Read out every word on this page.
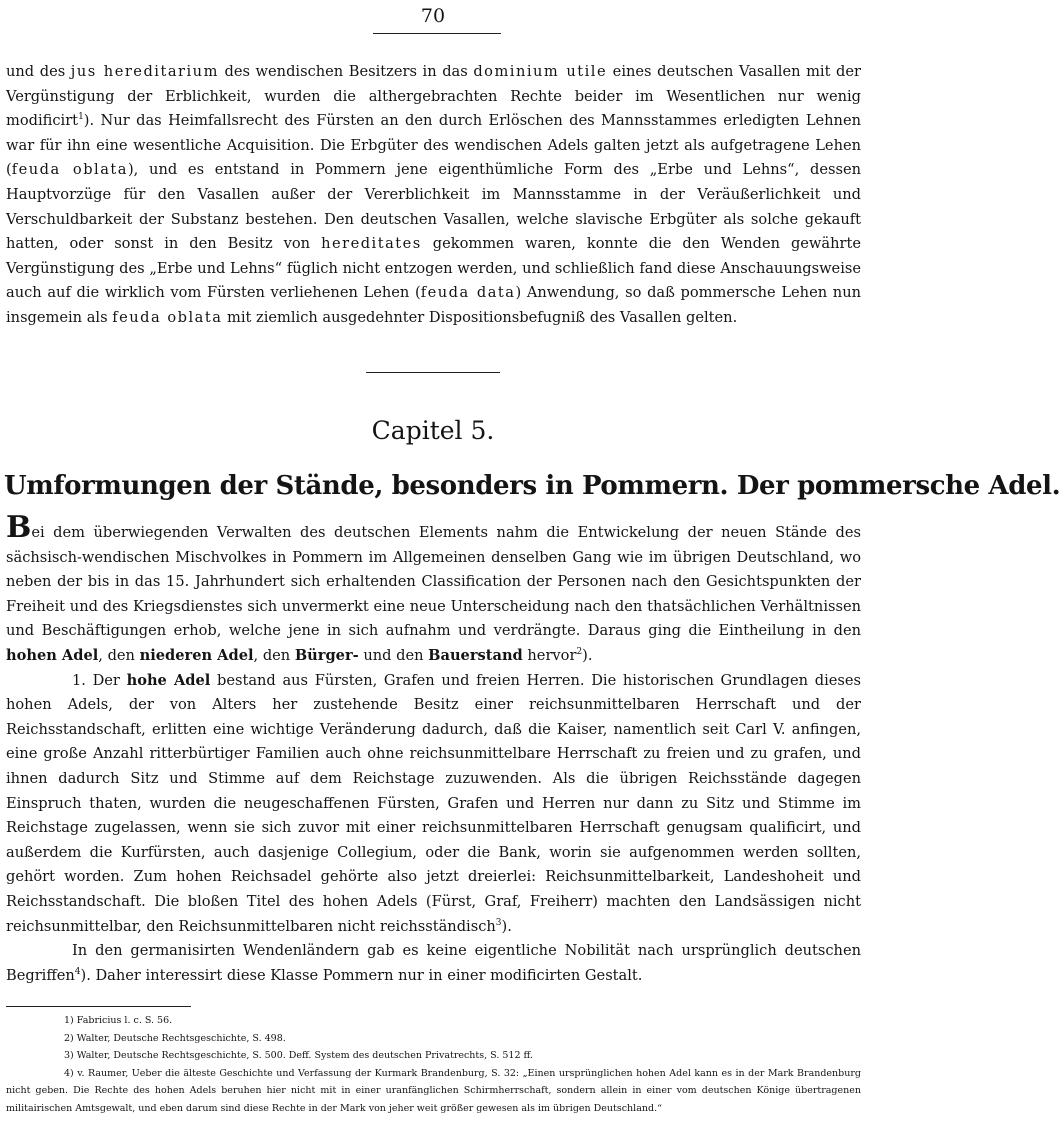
70
und des jus hereditarium des wendischen Besitzers in das dominium utile eines deutschen Vasallen mit der Vergünstigung der Erblichkeit, wurden die althergebrachten Rechte beider im Wesentlichen nur wenig modificirt$^1$). Nur das Heimfallsrecht des Fürsten an den durch Erlöschen des Mannsstammes erledigten Lehnen war für ihn eine wesentliche Acquisition. Die Erbgüter des wendischen Adels galten jetzt als aufgetragene Lehen (feuda oblata), und es entstand in Pommern jene eigenthümliche Form des „Erbe und Lehns“, dessen Hauptvorzüge für den Vasallen außer der Vererblichkeit im Mannsstamme in der Veräußerlichkeit und Verschuldbarkeit der Substanz bestehen. Den deutschen Vasallen, welche slavische Erbgüter als solche gekauft hatten, oder sonst in den Besitz von hereditates gekommen waren, konnte die den Wenden gewährte Vergünstigung des „Erbe und Lehns“ füglich nicht entzogen werden, und schließlich fand diese Anschauungsweise auch auf die wirklich vom Fürsten verliehenen Lehen (feuda data) Anwendung, so daß pommersche Lehen nun insgemein als feuda oblata mit ziemlich ausgedehnter Dispositionsbefugniß des Vasallen gelten.
Capitel 5.
Umformungen der Stände, besonders in Pommern. Der pommersche Adel.

Bei dem überwiegenden Verwalten des deutschen Elements nahm die Entwickelung der neuen Stände des sächsisch-wendischen Mischvolkes in Pommern im Allgemeinen denselben Gang wie im übrigen Deutschland, wo neben der bis in das 15. Jahrhundert sich erhaltenden Classification der Personen nach den Gesichtspunkten der Freiheit und des Kriegsdienstes sich unvermerkt eine neue Unterscheidung nach den thatsächlichen Verhältnissen und Beschäftigungen erhob, welche jene in sich aufnahm und verdrängte. Daraus ging die Eintheilung in den hohen Adel, den niederen Adel, den Bürger- und den Bauerstand hervor$^2$).

1. Der hohe Adel bestand aus Fürsten, Grafen und freien Herren. Die historischen Grundlagen dieses hohen Adels, der von Alters her zustehende Besitz einer reichsunmittelbaren Herrschaft und der Reichsstandschaft, erlitten eine wichtige Veränderung dadurch, daß die Kaiser, namentlich seit Carl V. anfingen, eine große Anzahl ritterbürtiger Familien auch ohne reichsunmittelbare Herrschaft zu freien und zu grafen, und ihnen dadurch Sitz und Stimme auf dem Reichstage zuzuwenden. Als die übrigen Reichsstände dagegen Einspruch thaten, wurden die neugeschaffenen Fürsten, Grafen und Herren nur dann zu Sitz und Stimme im Reichstage zugelassen, wenn sie sich zuvor mit einer reichsunmittelbaren Herrschaft genugsam qualificirt, und außerdem die Kurfürsten, auch dasjenige Collegium, oder die Bank, worin sie aufgenommen werden sollten, gehört worden. Zum hohen Reichsadel gehörte also jetzt dreierlei: Reichsunmittelbarkeit, Landeshoheit und Reichsstandschaft. Die bloßen Titel des hohen Adels (Fürst, Graf, Freiherr) machten den Landsässigen nicht reichsunmittelbar, den Reichsunmittelbaren nicht reichsständisch$^3$).

In den germanisirten Wendenländern gab es keine eigentliche Nobilität nach ursprünglich deutschen Begriffen$^4$). Daher interessirt diese Klasse Pommern nur in einer modificirten Gestalt.

1) Fabricius l. c. S. 56.

2) Walter, Deutsche Rechtsgeschichte, S. 498.

3) Walter, Deutsche Rechtsgeschichte, S. 500. Deff. System des deutschen Privatrechts, S. 512 ff.

4) v. Raumer, Ueber die älteste Geschichte und Verfassung der Kurmark Brandenburg, S. 32: „Einen ursprünglichen hohen Adel kann es in der Mark Brandenburg nicht geben. Die Rechte des hohen Adels beruhen hier nicht mit in einer uranfänglichen Schirmherrschaft, sondern allein in einer vom deutschen Könige übertragenen militairischen Amtsgewalt, und eben darum sind diese Rechte in der Mark von jeher weit größer gewesen als im übrigen Deutschland.“
